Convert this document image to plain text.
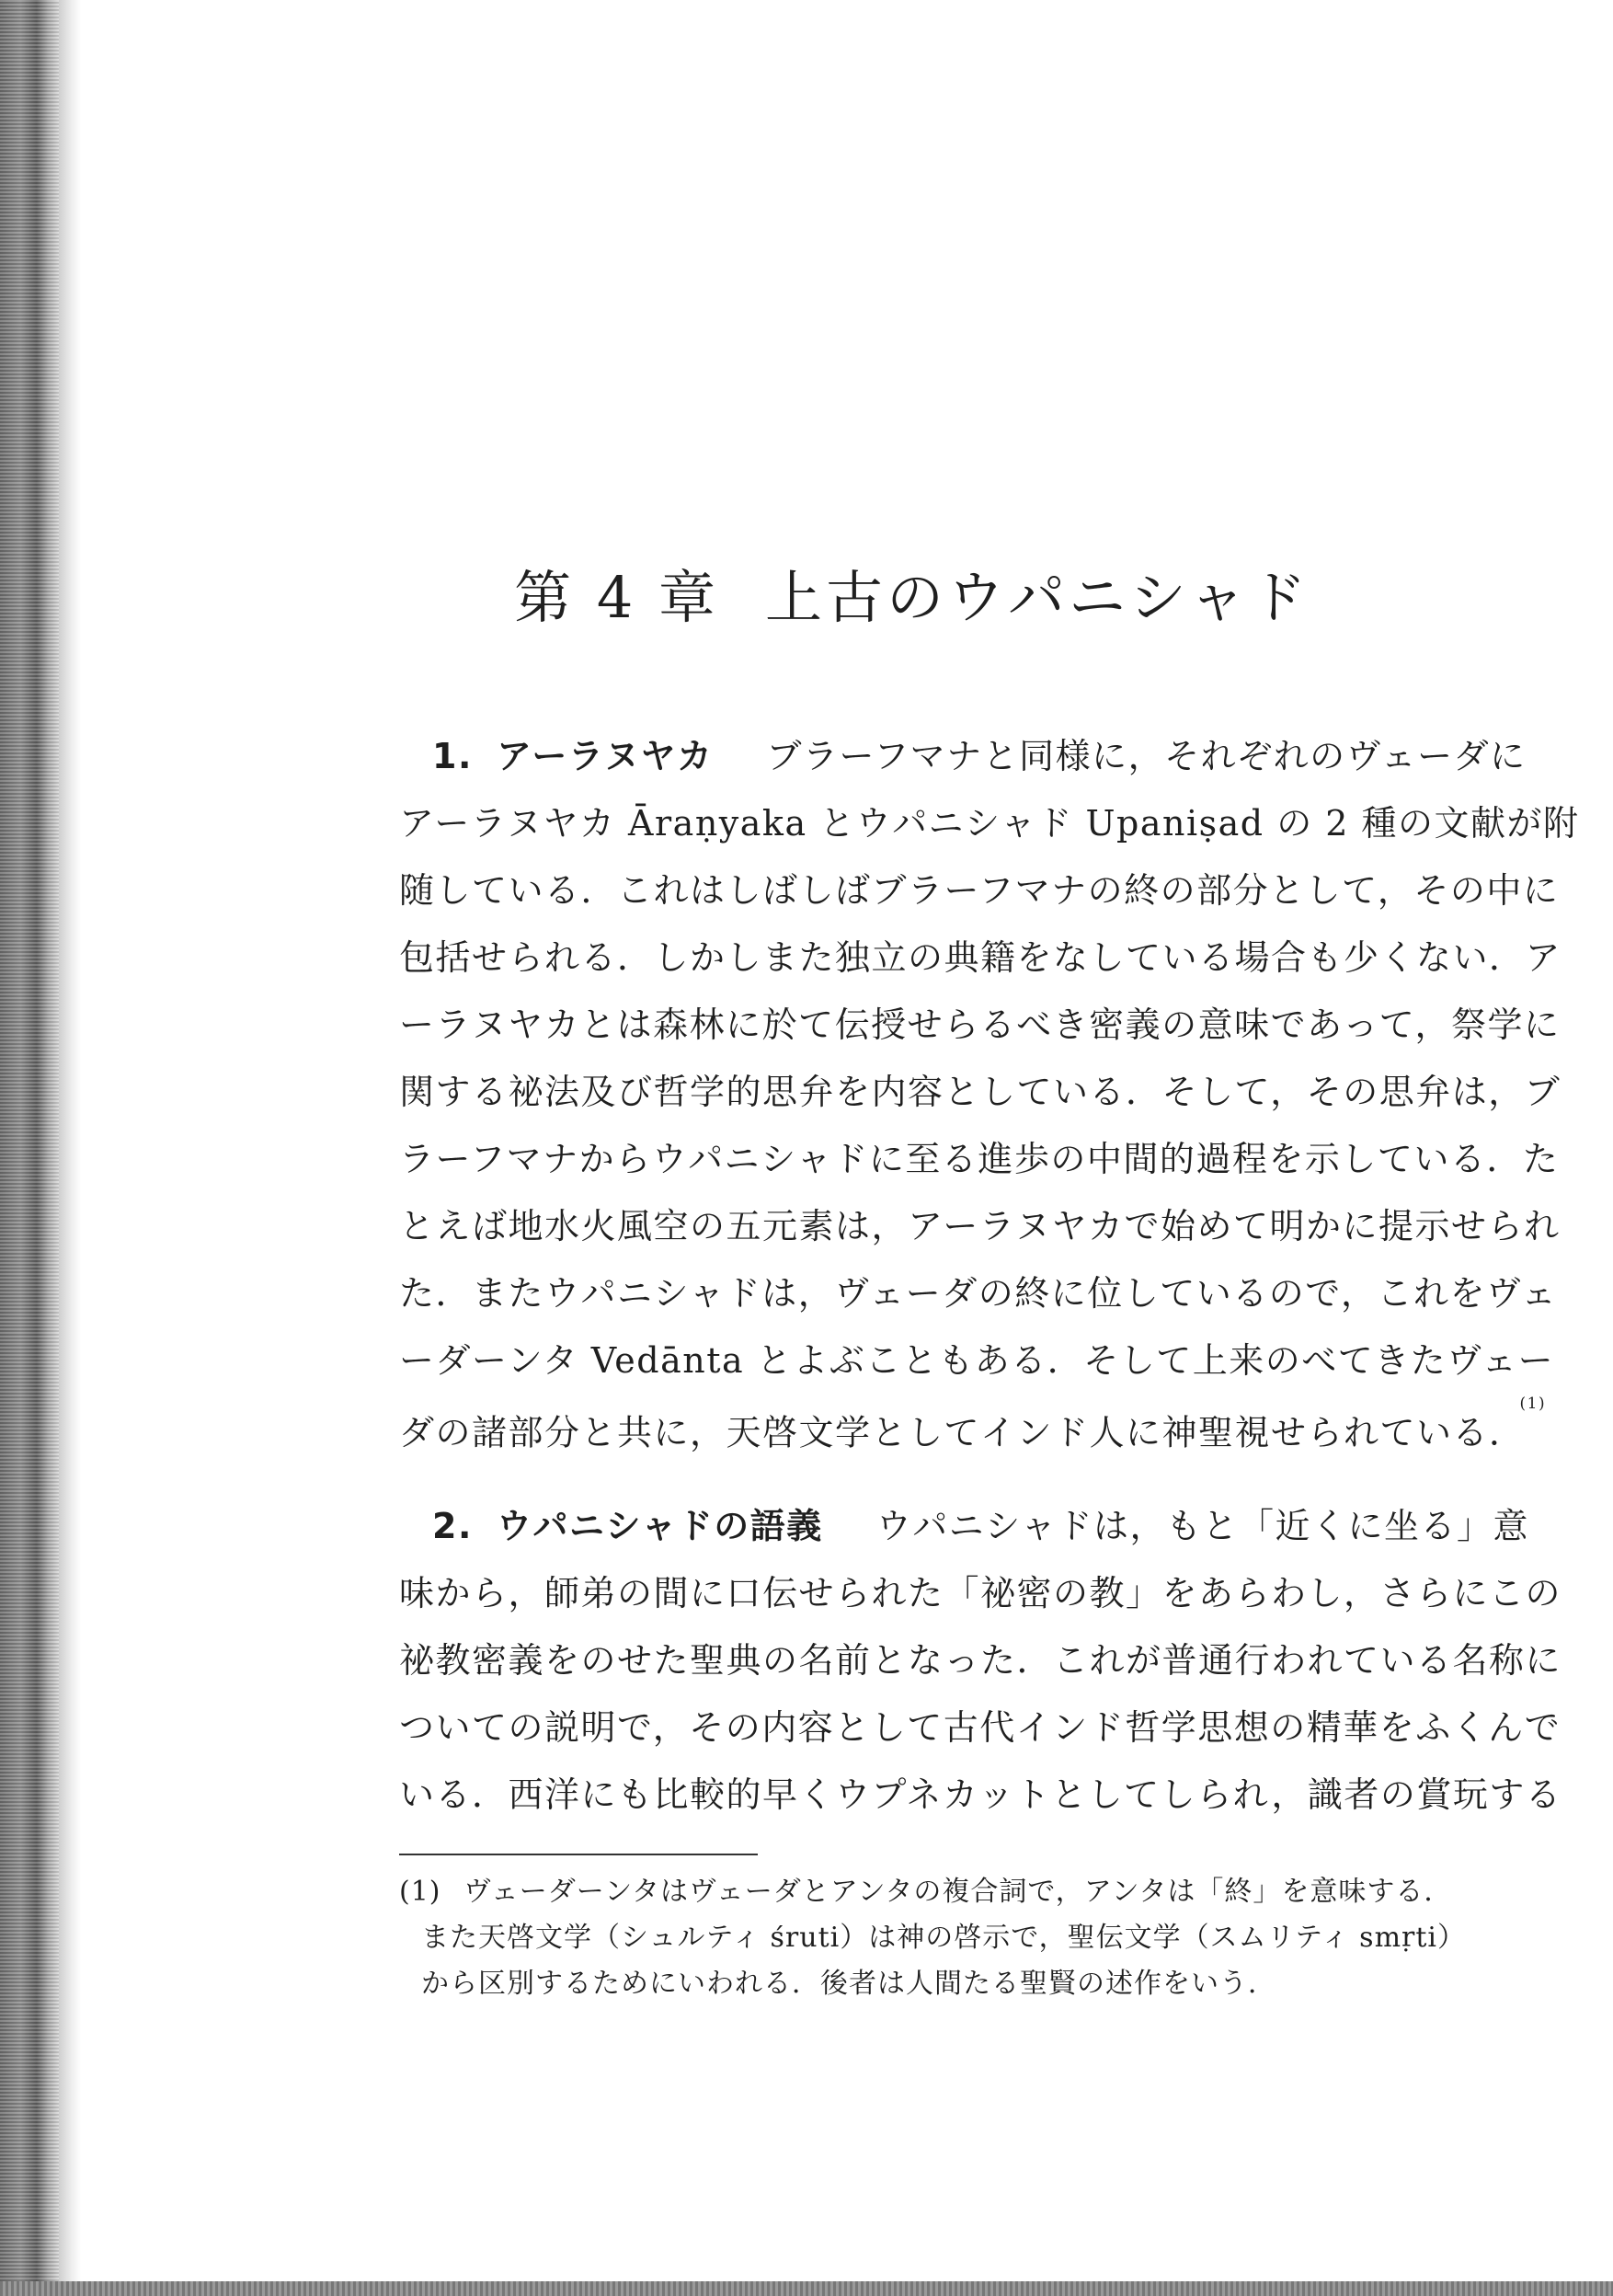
第 4 章 上古のウパニシャド
1. アーラヌヤカ ブラーフマナと同様に，それぞれのヴェーダに
アーラヌヤカ Āraṇyaka とウパニシャド Upaniṣad の 2 種の文献が附
随している．これはしばしばブラーフマナの終の部分として，その中に
包括せられる．しかしまた独立の典籍をなしている場合も少くない．ア
ーラヌヤカとは森林に於て伝授せらるべき密義の意味であって，祭学に
関する祕法及び哲学的思弁を内容としている．そして，その思弁は，ブ
ラーフマナからウパニシャドに至る進歩の中間的過程を示している．た
とえば地水火風空の五元素は，アーラヌヤカで始めて明かに提示せられ
た．またウパニシャドは，ヴェーダの終に位しているので，これをヴェ
ーダーンタ Vedānta とよぶこともある．そして上来のべてきたヴェー
ダの諸部分と共に，天啓文学としてインド人に神聖視せられている．$^{(1)}$
2. ウパニシャドの語義 ウパニシャドは，もと「近くに坐る」意
味から，師弟の間に口伝せられた「祕密の教」をあらわし，さらにこの
祕教密義をのせた聖典の名前となった．これが普通行われている名称に
ついての説明で，その内容として古代インド哲学思想の精華をふくんで
いる．西洋にも比較的早くウプネカットとしてしられ，識者の賞玩する
(1) ヴェーダーンタはヴェーダとアンタの複合詞で，アンタは「終」を意味する．
また天啓文学（シュルティ śruti）は神の啓示で，聖伝文学（スムリティ smṛti）
から区別するためにいわれる．後者は人間たる聖賢の述作をいう．
